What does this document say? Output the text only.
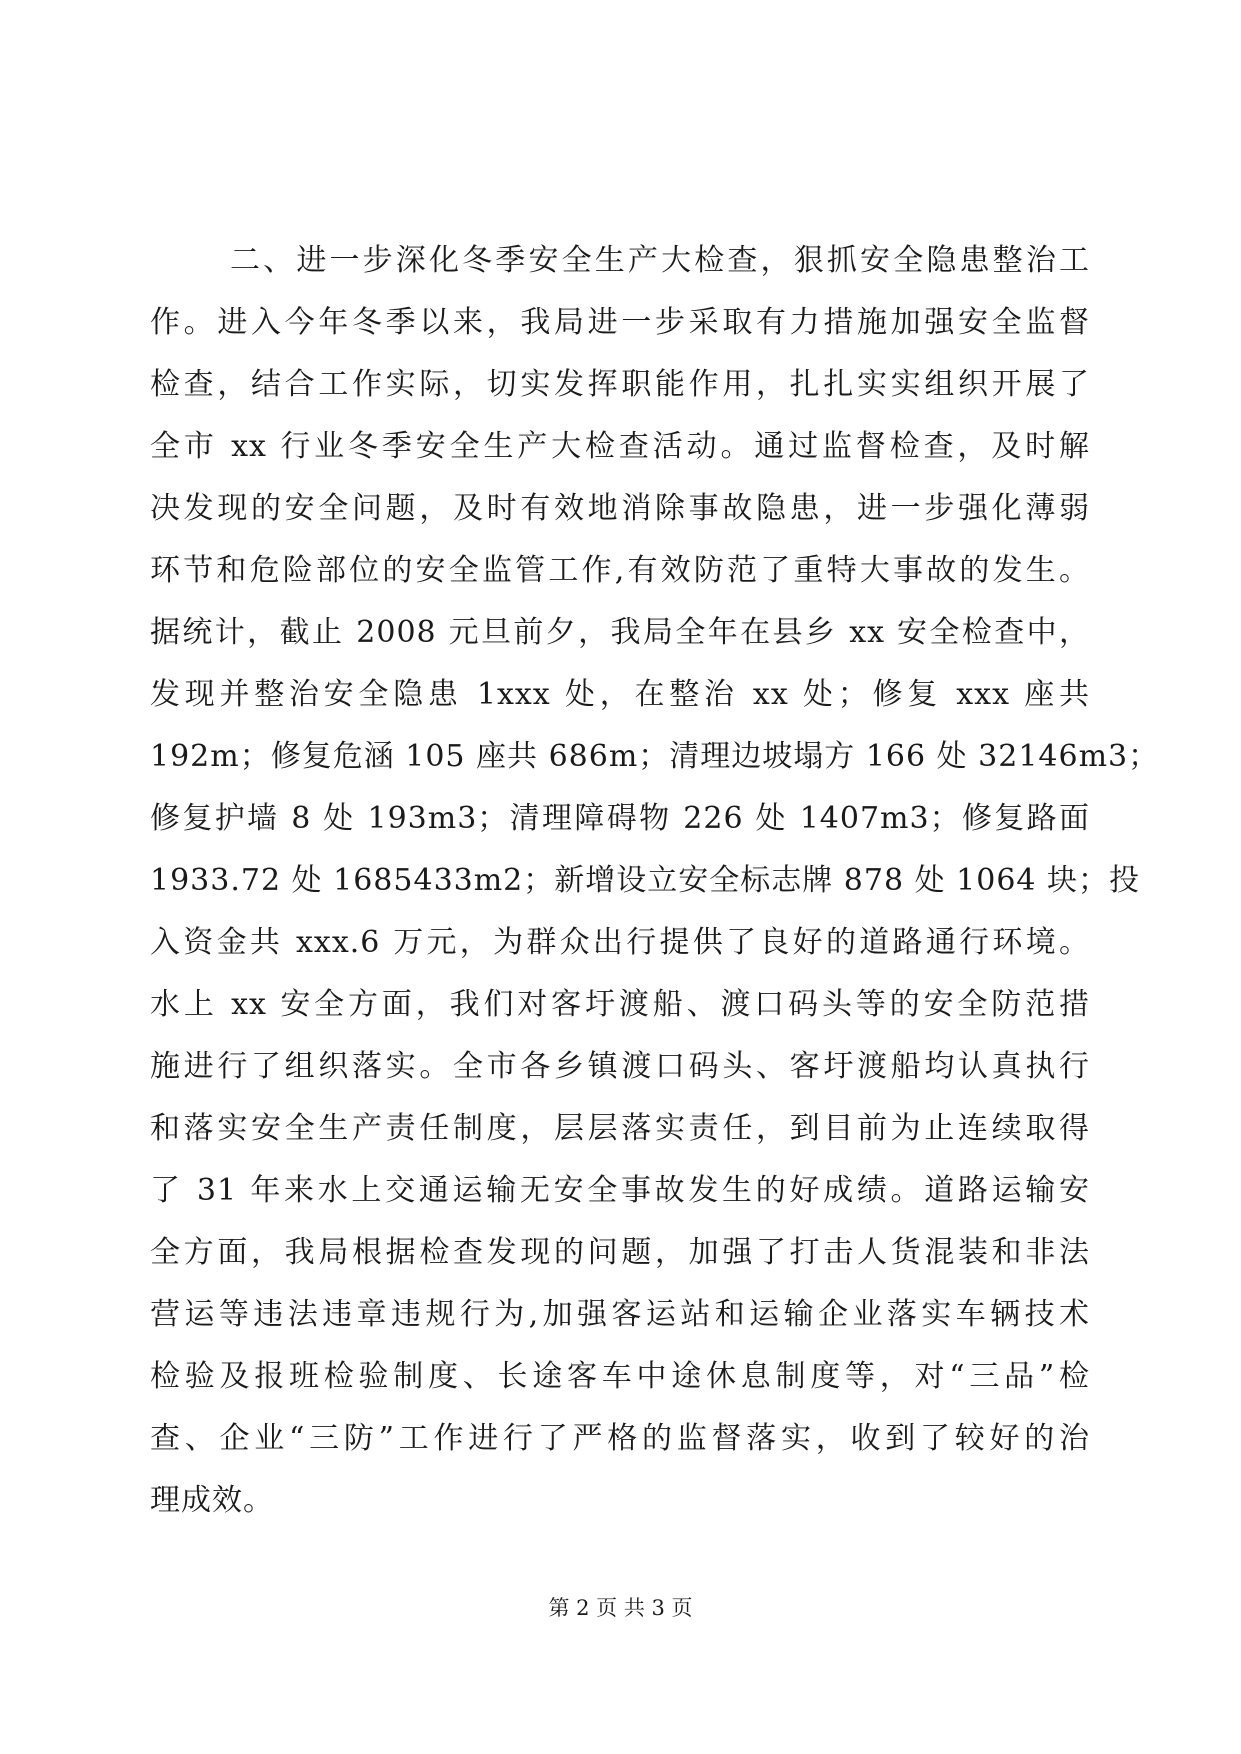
二、进一步深化冬季安全生产大检查，狠抓安全隐患整治工
作。进入今年冬季以来，我局进一步采取有力措施加强安全监督
检查，结合工作实际，切实发挥职能作用，扎扎实实组织开展了
全市 xx 行业冬季安全生产大检查活动。通过监督检查，及时解
决发现的安全问题，及时有效地消除事故隐患，进一步强化薄弱
环节和危险部位的安全监管工作,有效防范了重特大事故的发生。
据统计，截止 2008 元旦前夕，我局全年在县乡 xx 安全检查中，
发现并整治安全隐患 1xxx 处，在整治 xx 处；修复 xxx 座共
192m；修复危涵 105 座共 686m；清理边坡塌方 166 处 32146m3；
修复护墙 8 处 193m3；清理障碍物 226 处 1407m3；修复路面
1933.72 处 1685433m2；新增设立安全标志牌 878 处 1064 块；投
入资金共 xxx.6 万元，为群众出行提供了良好的道路通行环境。
水上 xx 安全方面，我们对客圩渡船、渡口码头等的安全防范措
施进行了组织落实。全市各乡镇渡口码头、客圩渡船均认真执行
和落实安全生产责任制度，层层落实责任，到目前为止连续取得
了 31 年来水上交通运输无安全事故发生的好成绩。道路运输安
全方面，我局根据检查发现的问题，加强了打击人货混装和非法
营运等违法违章违规行为,加强客运站和运输企业落实车辆技术
检验及报班检验制度、长途客车中途休息制度等，对“三品”检
查、企业“三防”工作进行了严格的监督落实，收到了较好的治
理成效。
第 2 页 共 3 页
